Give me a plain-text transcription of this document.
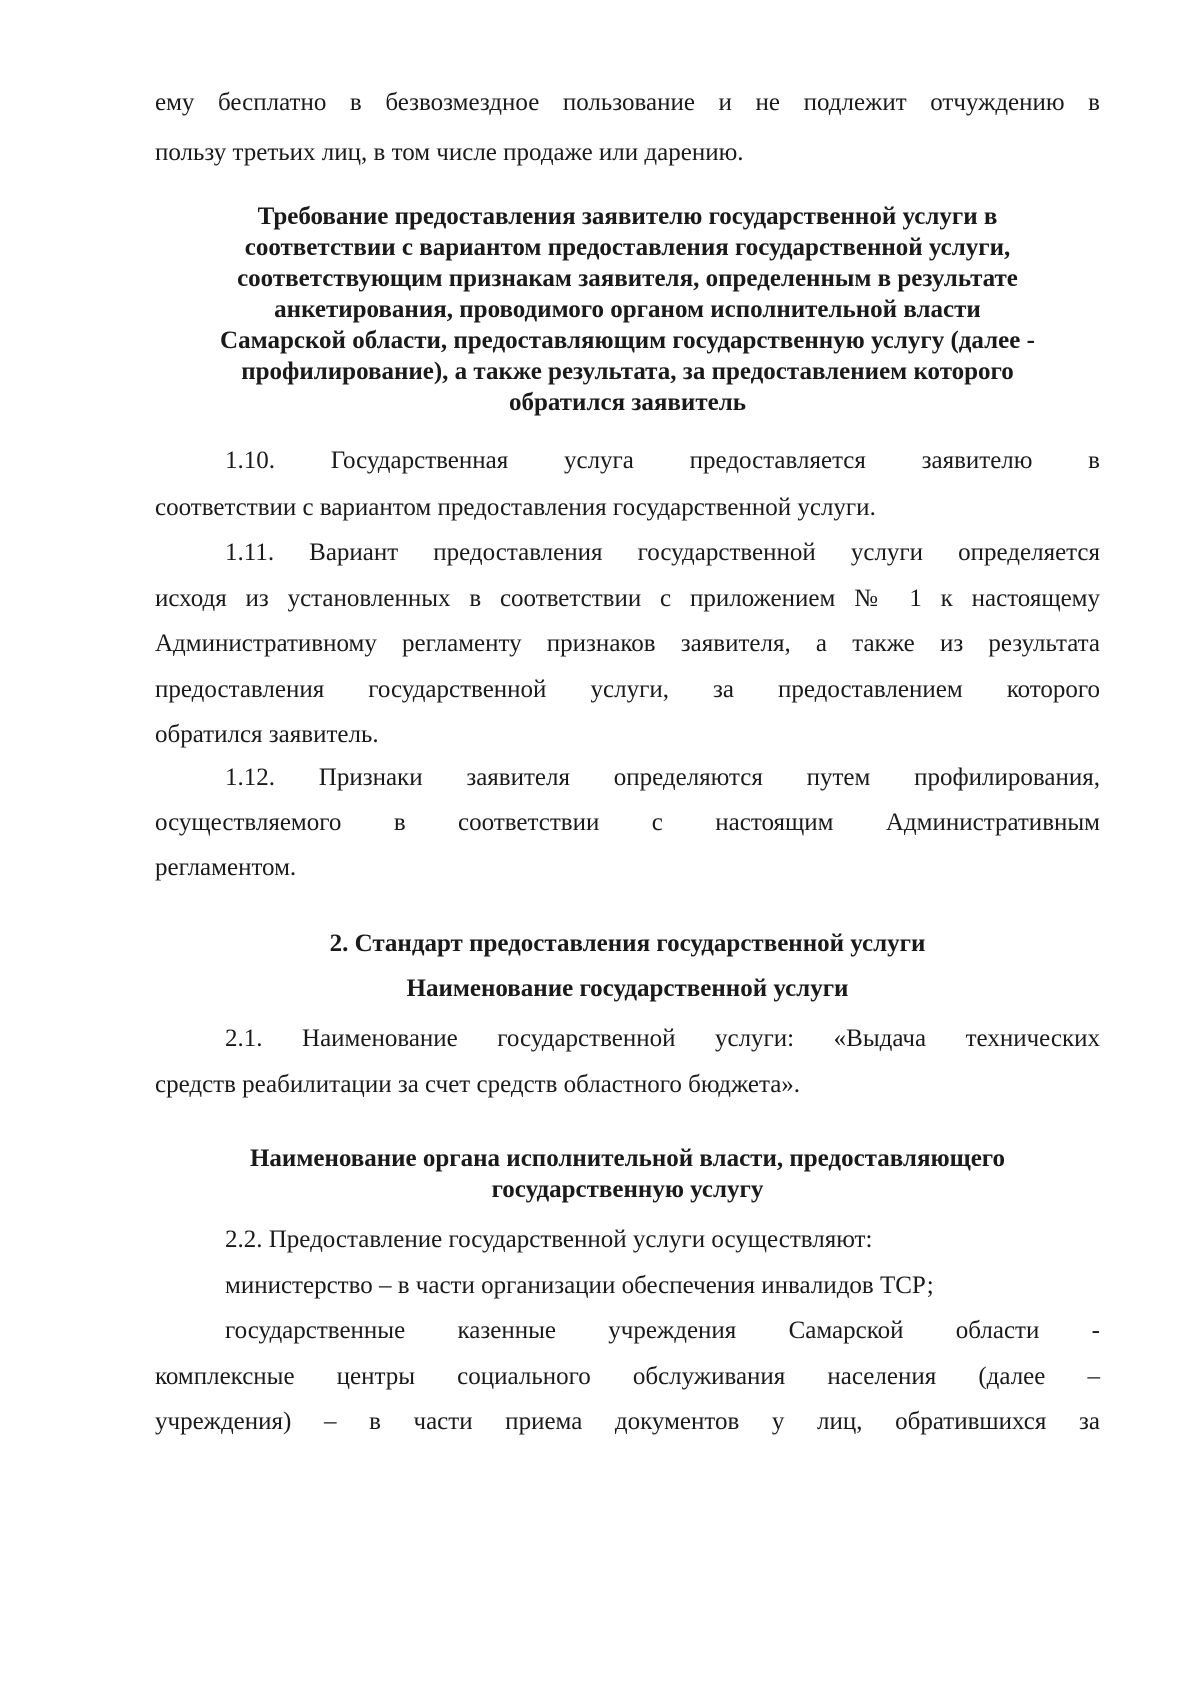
ему бесплатно в безвозмездное пользование и не подлежит отчуждению в
пользу третьих лиц, в том числе продаже или дарению.
Требование предоставления заявителю государственной услуги в
соответствии с вариантом предоставления государственной услуги,
соответствующим признакам заявителя, определенным в результате
анкетирования, проводимого органом исполнительной власти
Самарской области, предоставляющим государственную услугу (далее -
профилирование), а также результата, за предоставлением которого
обратился заявитель
1.10. Государственная услуга предоставляется заявителю в
соответствии с вариантом предоставления государственной услуги.
1.11. Вариант предоставления государственной услуги определяется
исходя из установленных в соответствии с приложением № 1 к настоящему
Административному регламенту признаков заявителя, а также из результата
предоставления государственной услуги, за предоставлением которого
обратился заявитель.
1.12. Признаки заявителя определяются путем профилирования,
осуществляемого в соответствии с настоящим Административным
регламентом.
2. Стандарт предоставления государственной услуги
Наименование государственной услуги
2.1. Наименование государственной услуги: «Выдача технических
средств реабилитации за счет средств областного бюджета».
Наименование органа исполнительной власти, предоставляющего
государственную услугу
2.2. Предоставление государственной услуги осуществляют:
министерство – в части организации обеспечения инвалидов ТСР;
государственные казенные учреждения Самарской области -
комплексные центры социального обслуживания населения (далее –
учреждения) – в части приема документов у лиц, обратившихся за
